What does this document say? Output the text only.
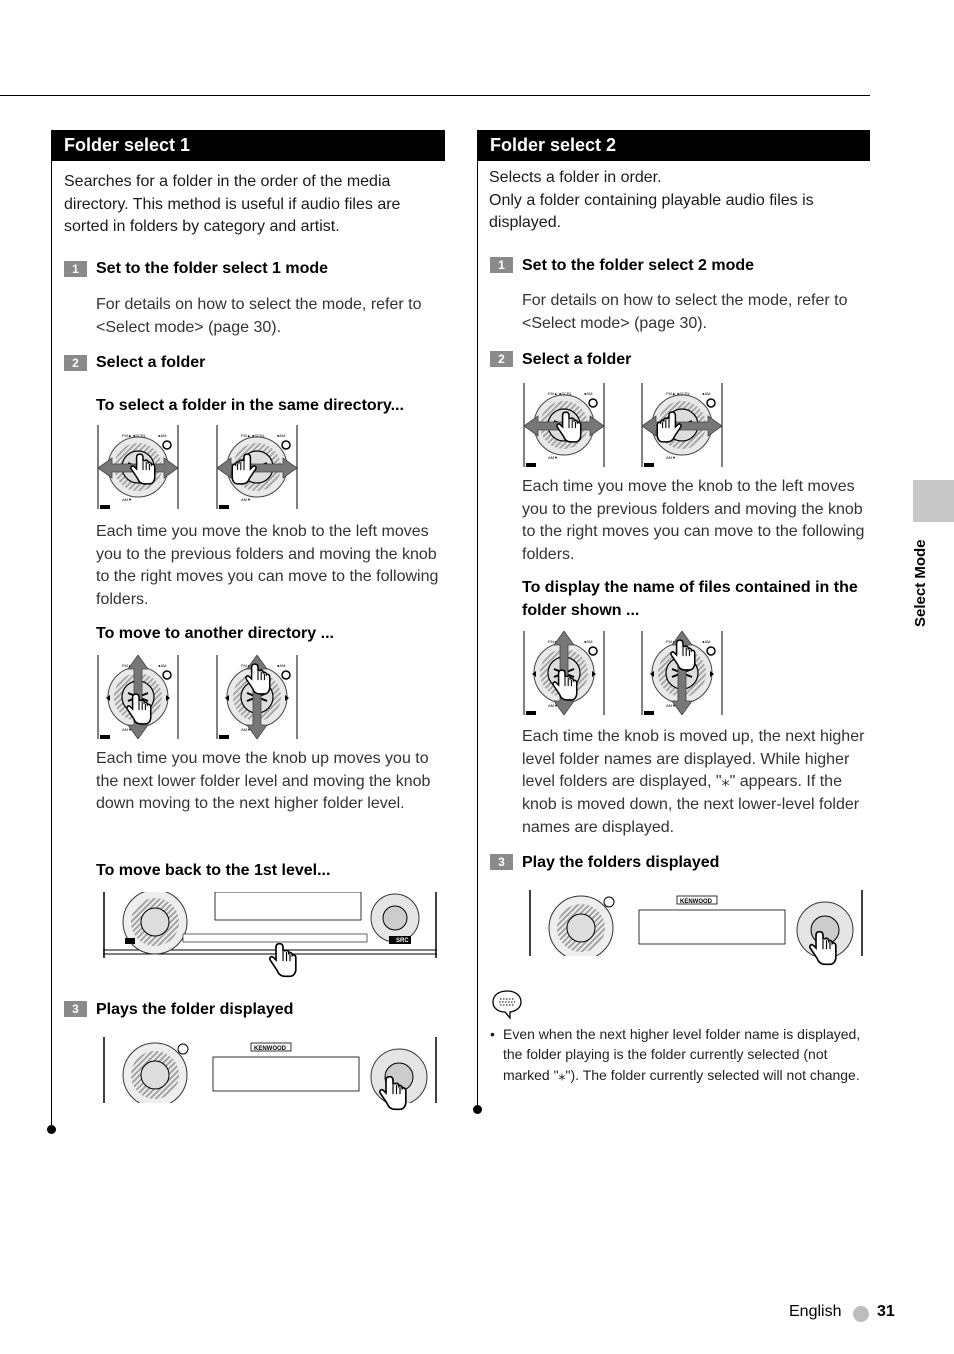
Folder select 1
Searches for a folder in the order of the media directory. This method is useful if audio files are sorted in folders by category and artist.
1	Set to the folder select 1 mode
For details on how to select the mode, refer to <Select mode> (page 30).
2	Select a folder
To select a folder in the same directory...
Each time you move the knob to the left moves you to the previous folders and moving the knob to the right moves you can move to the following folders.
To move to another directory ...
Each time you move the knob up moves you to the next lower folder level and moving the knob down moving to the next higher folder level.
To move back to the 1st level...
SRC
3	Plays the folder displayed
KENWOOD
Folder select 2
Selects a folder in order.
Only a folder containing playable audio files is displayed.
1	Set to the folder select 2 mode
For details on how to select the mode, refer to <Select mode> (page 30).
2	Select a folder
Each time you move the knob to the left moves you to the previous folders and moving the knob to the right moves you can move to the following folders.
To display the name of files contained in the folder shown ...
Each time the knob is moved up, the next higher level folder names are displayed. While higher level folders are displayed, "⁎" appears. If the knob is moved down, the next lower-level folder names are displayed.
3	Play the folders displayed
KENWOOD
• Even when the next higher level folder name is displayed, the folder playing is the folder currently selected (not marked "⁎"). The folder currently selected will not change.
Select Mode
English 31
